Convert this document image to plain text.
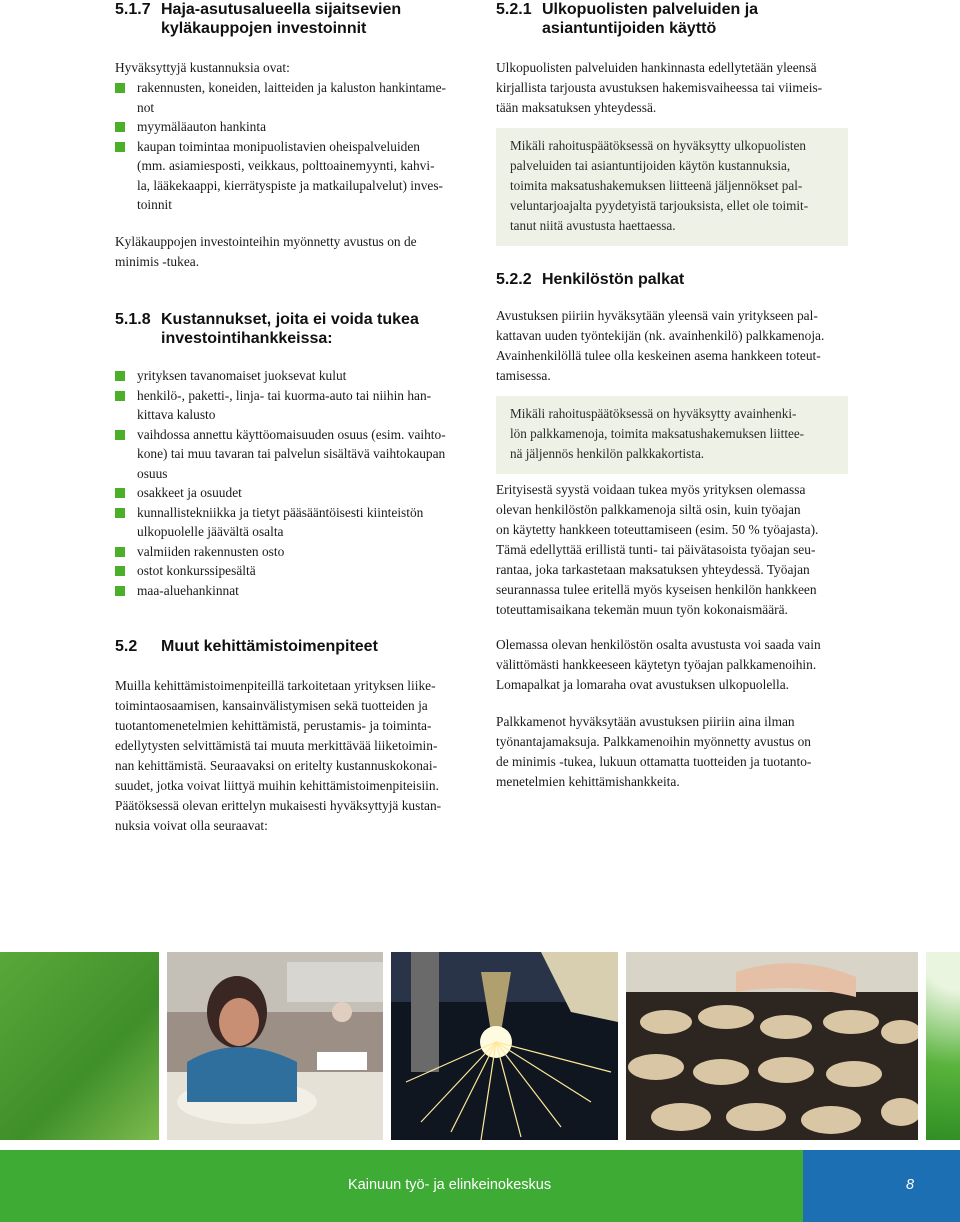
5.1.7 Haja-asutusalueella sijaitsevien
kyläkauppojen investoinnit

Hyväksyttyjä kustannuksia ovat:

rakennusten, koneiden, laitteiden ja kaluston hankintame-
not
myymäläauton hankinta
kaupan toimintaa monipuolistavien oheispalveluiden
(mm. asiamiesposti, veikkaus, polttoainemyynti, kahvi-
la, lääkekaappi, kierrätyspiste ja matkailupalvelut) inves-
toinnit

Kyläkauppojen investointeihin myönnetty avustus on de
minimis -tukea.

5.1.8 Kustannukset, joita ei voida tukea
investointihankkeissa:
yrityksen tavanomaiset juoksevat kulut
henkilö-, paketti-, linja- tai kuorma-auto tai niihin han-
kittava kalusto
vaihdossa annettu käyttöomaisuuden osuus (esim. vaihto-
kone) tai muu tavaran tai palvelun sisältävä vaihtokaupan
osuus
osakkeet ja osuudet
kunnallistekniikka ja tietyt pääsääntöisesti kiinteistön
ulkopuolelle jäävältä osalta
valmiiden rakennusten osto
ostot konkurssipesältä
maa-aluehankinnat
5.2	Muut kehittämistoimenpiteet

Muilla kehittämistoimenpiteillä tarkoitetaan yrityksen liike-
toimintaosaamisen, kansainvälistymisen sekä tuotteiden ja
tuotantomenetelmien kehittämistä, perustamis- ja toiminta-
edellytysten selvittämistä tai muuta merkittävää liiketoimin-
nan kehittämistä. Seuraavaksi on eritelty kustannuskokonai-
suudet, jotka voivat liittyä muihin kehittämistoimenpiteisiin.
Päätöksessä olevan erittelyn mukaisesti hyväksyttyjä kustan-
nuksia voivat olla seuraavat:

5.2.1 Ulkopuolisten palveluiden ja
asiantuntijoiden käyttö

Ulkopuolisten palveluiden hankinnasta edellytetään yleensä
kirjallista tarjousta avustuksen hakemisvaiheessa tai viimeis-
tään maksatuksen yhteydessä.

Mikäli rahoituspäätöksessä on hyväksytty ulkopuolisten
palveluiden tai asiantuntijoiden käytön kustannuksia,
toimita maksatushakemuksen liitteenä jäljennökset pal-
veluntarjoajalta pyydetyistä tarjouksista, ellet ole toimit-
tanut niitä avustusta haettaessa.

5.2.2 Henkilöstön palkat

Avustuksen piiriin hyväksytään yleensä vain yritykseen pal-
kattavan uuden työntekijän (nk. avainhenkilö) palkkamenoja.
Avainhenkilöllä tulee olla keskeinen asema hankkeen toteut-
tamisessa.

Mikäli rahoituspäätöksessä on hyväksytty avainhenki-
lön palkkamenoja, toimita maksatushakemuksen liittee-
nä jäljennös henkilön palkkakortista.

Erityisestä syystä voidaan tukea myös yrityksen olemassa
olevan henkilöstön palkkamenoja siltä osin, kuin työajan
on käytetty hankkeen toteuttamiseen (esim. 50 % työajasta).
Tämä edellyttää erillistä tunti- tai päivätasoista työajan seu-
rantaa, joka tarkastetaan maksatuksen yhteydessä. Työajan
seurannassa tulee eritellä myös kyseisen henkilön hankkeen
toteuttamisaikana tekemän muun työn kokonaismäärä.

Olemassa olevan henkilöstön osalta avustusta voi saada vain
välittömästi hankkeeseen käytetyn työajan palkkamenoihin.
Lomapalkat ja lomaraha ovat avustuksen ulkopuolella.

Palkkamenot hyväksytään avustuksen piiriin aina ilman
työnantajamaksuja. Palkkamenoihin myönnetty avustus on
de minimis -tukea, lukuun ottamatta tuotteiden ja tuotanto-
menetelmien kehittämishankkeita.

Kainuun työ- ja elinkeinokeskus	8
